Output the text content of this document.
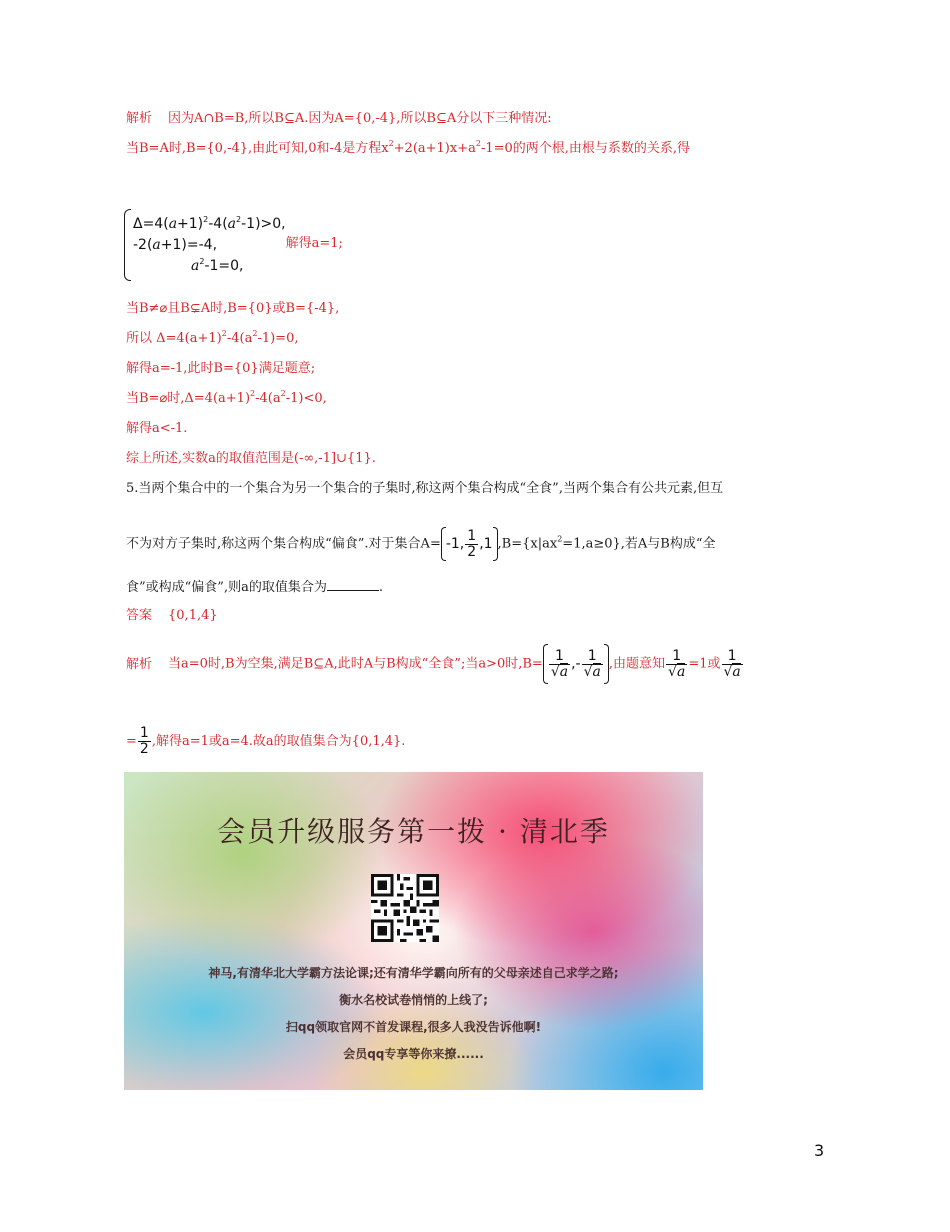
解析 因为A∩B=B,所以B⊆A.因为A={0,-4},所以B⊆A分以下三种情况:
当B=A时,B={0,-4},由此可知,0和-4是方程$x^2+2(a+1)x+a^2-1=0$的两个根,由根与系数的关系,得
$\Delta=4(a+1)^2-4(a^2-1)>0$,
-2(a+1)=-4,
$a^2-1=0$,
解得a=1;
当B≠⌀且B⊊A时,B={0}或B={-4},
所以 $\Delta=4(a+1)^2-4(a^2-1)=0$,
解得a=-1,此时B={0}满足题意;
当B=⌀时$,\Delta=4(a+1)^2-4(a^2-1)<0$,
解得a<-1.
综上所述,实数a的取值范围是(-∞,-1]∪{1}.
5.当两个集合中的一个集合为另一个集合的子集时,称这两个集合构成“全食”,当两个集合有公共元素,但互
不为对方子集时,称这两个集合构成“偏食”.对于集合A= -1, $\frac{1}{2} ,1$ $,B=\{x|ax^2=1,a\ge 0\}$,若A与B构成“全
食”或构成“偏食”,则a的取值集合为	.
答案 {0,1,4}
解析 当a=0时,B为空集,满足B⊆A,此时A与B构成“全食”;当a>0时$,B= \frac{1}{√a}$ ,- $\frac{1}{√a}$ ,由题意知 $\frac{1}{√a} =1$或 $\frac{1}{√a}$
= $\frac{1}{2}$ ,解得a=1或a=4.故a的取值集合为{0,1,4}.
会员升级服务第一拨 · 清北季
神马,有清华北大学霸方法论课;还有清华学霸向所有的父母亲述自己求学之路;
衡水名校试卷悄悄的上线了;
扫qq领取官网不首发课程,很多人我没告诉他啊!
会员qq专享等你来撩......
3
